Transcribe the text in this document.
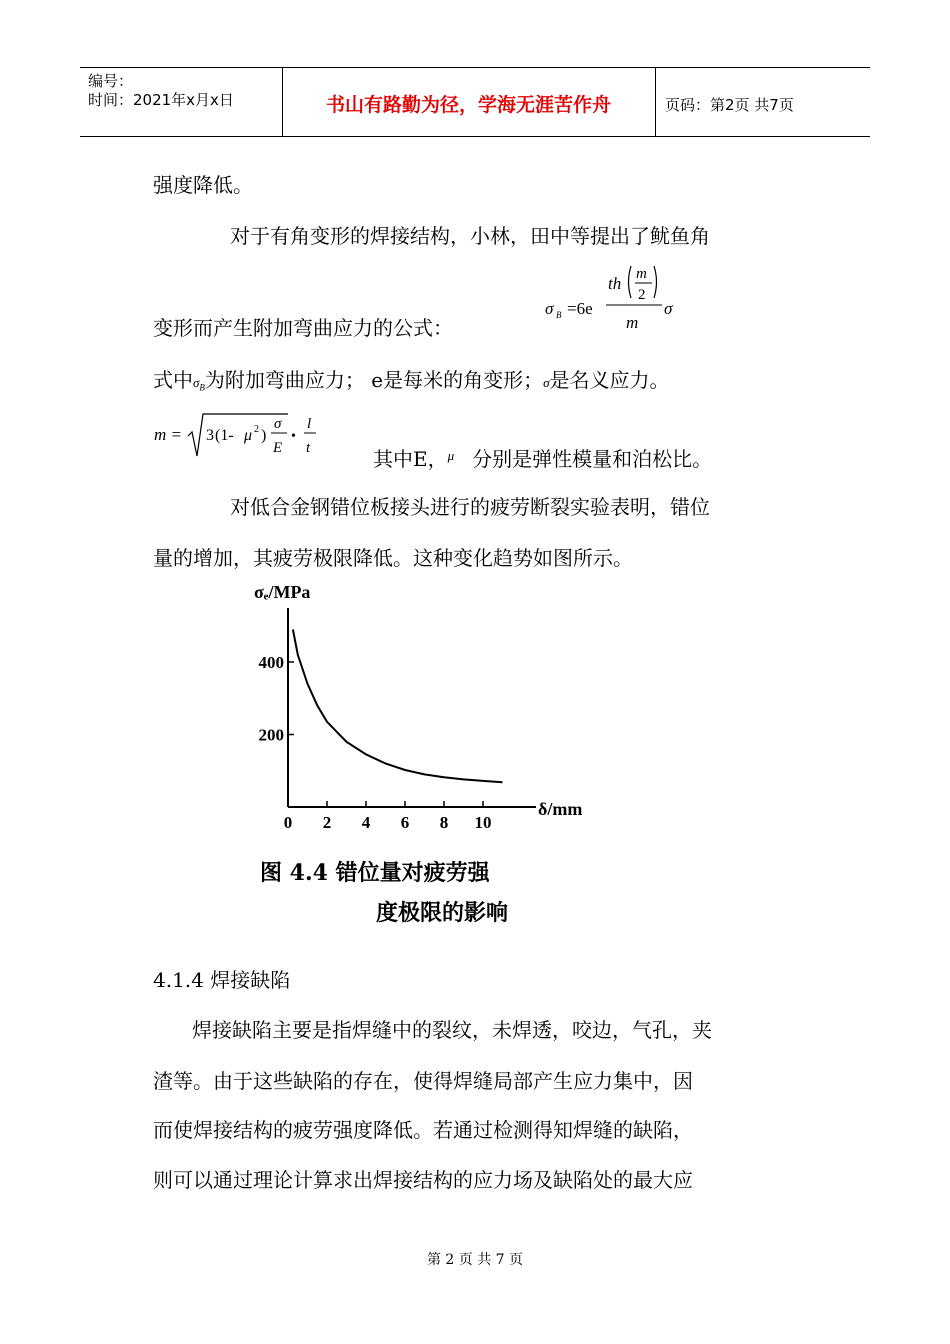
编号：
时间：2021年x月x日	书山有路勤为径，学海无涯苦作舟	页码：第2页 共7页
强度降低。
对于有角变形的焊接结构，小林，田中等提出了鱿鱼角
σ B =6e
th m
2
m
σ
变形而产生附加弯曲应力的公式：
式中$\sigma_B$为附加弯曲应力； e是每米的角变形；σ是名义应力。
m = 3 (1- μ 2 )
σ
E
•
l
t	其中E，$^\mu$ 分别是弹性模量和泊松比。
对低合金钢错位板接头进行的疲劳断裂实验表明，错位
量的增加，其疲劳极限降低。这种变化趋势如图所示。
σₑ/MPa
δ/mm
0 2 4 6 8 10
200
400
图 4.4 错位量对疲劳强
度极限的影响
4.1.4 焊接缺陷
焊接缺陷主要是指焊缝中的裂纹，未焊透，咬边，气孔，夹
渣等。由于这些缺陷的存在，使得焊缝局部产生应力集中，因
而使焊接结构的疲劳强度降低。若通过检测得知焊缝的缺陷，
则可以通过理论计算求出焊接结构的应力场及缺陷处的最大应
第 2 页 共 7 页
